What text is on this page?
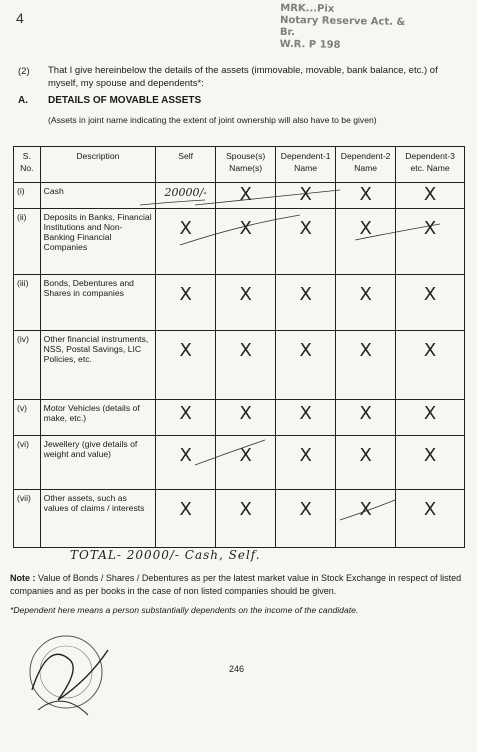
MRK...Pix
Notary Reserve Act. & Br.
W.R. P 198
4
(2) That I give hereinbelow the details of the assets (immovable, movable, bank balance, etc.) of myself, my spouse and dependents*:
A. DETAILS OF MOVABLE ASSETS
(Assets in joint name indicating the extent of joint ownership will also have to be given)
S. No.	Description	Self	Spouse(s) Name(s)	Dependent-1 Name	Dependent-2 Name	Dependent-3 etc. Name
(i)	Cash	20000/-	X	X	X	X
(ii)	Deposits in Banks, Financial Institutions and Non-Banking Financial Companies	X	X	X	X	X
(iii)	Bonds, Debentures and Shares in companies	X	X	X	X	X
(iv)	Other financial instruments, NSS, Postal Savings, LIC Policies, etc.	X	X	X	X	X
(v)	Motor Vehicles (details of make, etc.)	X	X	X	X	X
(vi)	Jewellery (give details of weight and value)	X	X	X	X	X
(vii)	Other assets, such as values of claims / interests	X	X	X	X	X
TOTAL- 20000/- Cash, Self.
Note : Value of Bonds / Shares / Debentures as per the latest market value in Stock Exchange in respect of listed companies and as per books in the case of non listed companies should be given.
*Dependent here means a person substantially dependents on the income of the candidate.
246
